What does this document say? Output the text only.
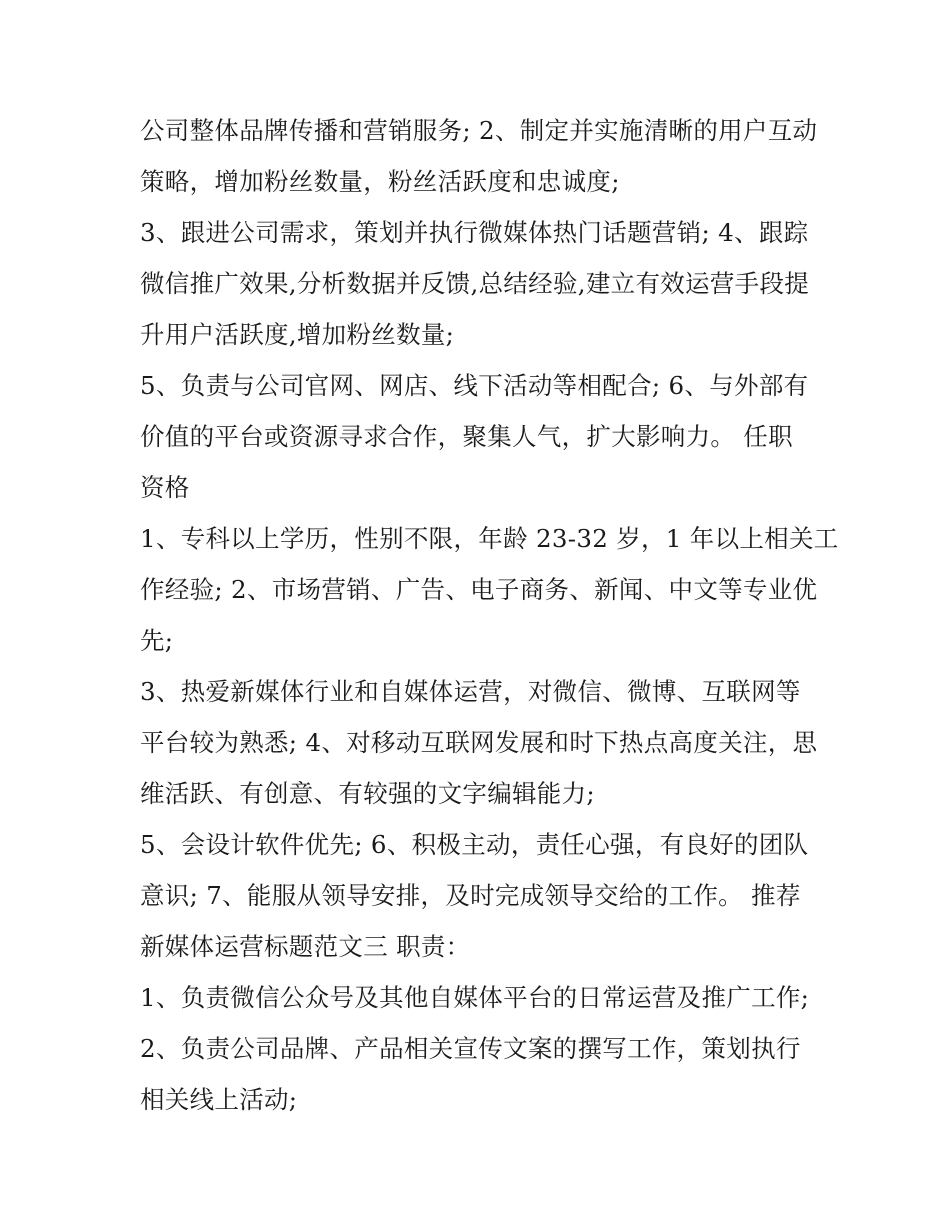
公司整体品牌传播和营销服务; 2、制定并实施清晰的用户互动
策略，增加粉丝数量，粉丝活跃度和忠诚度;
3、跟进公司需求，策划并执行微媒体热门话题营销; 4、跟踪
微信推广效果,分析数据并反馈,总结经验,建立有效运营手段提
升用户活跃度,增加粉丝数量;
5、负责与公司官网、网店、线下活动等相配合; 6、与外部有
价值的平台或资源寻求合作，聚集人气，扩大影响力。 任职
资格
1、专科以上学历，性别不限，年龄 23-32 岁，1 年以上相关工
作经验; 2、市场营销、广告、电子商务、新闻、中文等专业优
先;
3、热爱新媒体行业和自媒体运营，对微信、微博、互联网等
平台较为熟悉; 4、对移动互联网发展和时下热点高度关注，思
维活跃、有创意、有较强的文字编辑能力;
5、会设计软件优先; 6、积极主动，责任心强，有良好的团队
意识; 7、能服从领导安排，及时完成领导交给的工作。 推荐
新媒体运营标题范文三 职责：
1、负责微信公众号及其他自媒体平台的日常运营及推广工作;
2、负责公司品牌、产品相关宣传文案的撰写工作，策划执行
相关线上活动;
